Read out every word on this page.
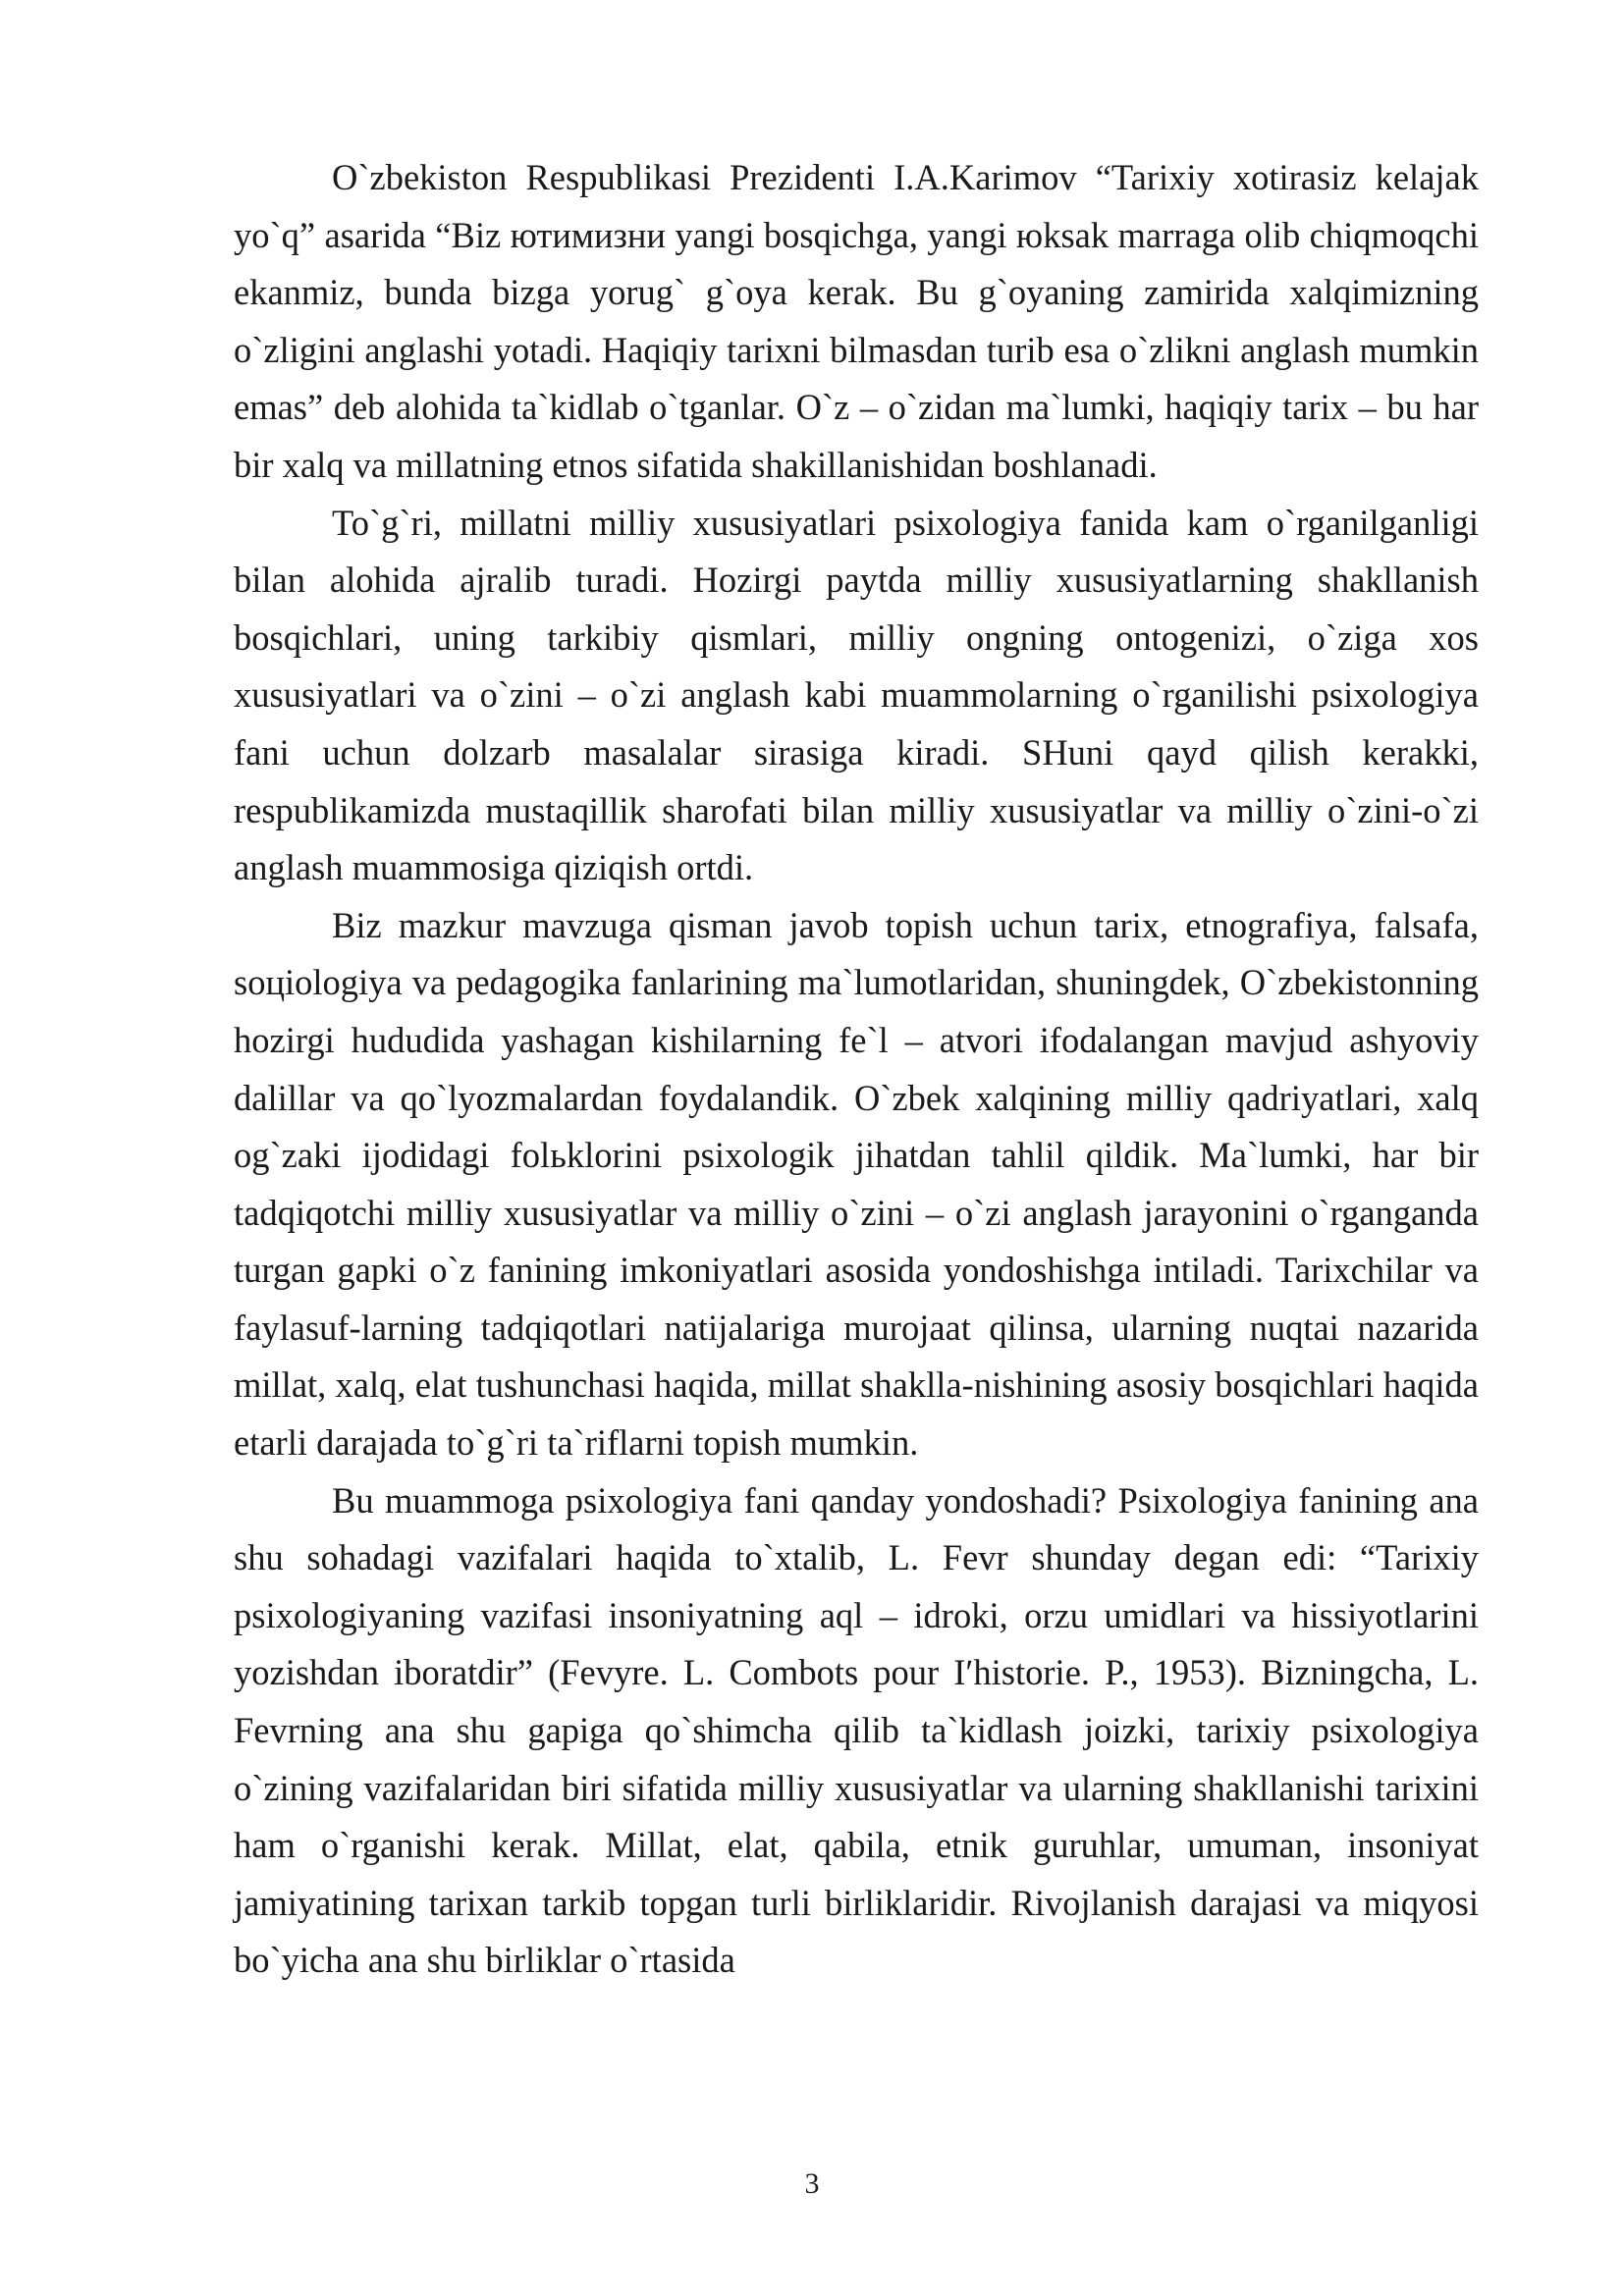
O`zbekiston Respublikasi Prezidenti I.A.Karimov “Tarixiy xotirasiz kelajak yo`q” asarida “Biz ют​имизни yangi bosqichga, yangi юksak marraga olib chiqmoqchi ekanmiz, bunda bizga yorug` g`oya kerak. Bu g`oyaning zamirida xalqimizning o`zligini anglashi yotadi. Haqiqiy tarixni bilmasdan turib esa o`zlikni anglash mumkin emas” deb alohida ta`kidlab o`tganlar. O`z – o`zidan ma`lumki, haqiqiy tarix – bu har bir xalq va millatning etnos sifatida shakillanishidan boshlanadi.

To`g`ri, millatni milliy xususiyatlari psixologiya fanida kam o`rganilganligi bilan alohida ajralib turadi. Hozirgi paytda milliy xususiyatlarning shakllanish bosqichlari, uning tarkibiy qismlari, milliy ongning ontogenizi, o`ziga xos xususiyatlari va o`zini – o`zi anglash kabi muammolarning o`rganilishi psixologiya fani uchun dolzarb masalalar sirasiga kiradi. SHuni qayd qilish kerakki, respublikamizda mustaqillik sharofati bilan milliy xususiyatlar va milliy o`zini-o`zi anglash muammosiga qiziqish ortdi.

Biz mazkur mavzuga qisman javob topish uchun tarix, etnografiya, falsafa, soцiologiya va pedagogika fanlarining ma`lumotlaridan, shuningdek, O`zbekistonning hozirgi hududida yashagan kishilarning fe`l – atvori ifodalangan mavjud ashyoviy dalillar va qo`lyozmalardan foydalandik. O`zbek xalqining milliy qadriyatlari, xalq og`zaki ijodidagi folьklorini psixologik jihatdan tahlil qildik. Ma`lumki, har bir tadqiqotchi milliy xususiyatlar va milliy o`zini – o`zi anglash jarayonini o`rganganda turgan gapki o`z fanining imkoniyatlari asosida yondoshishga intiladi. Tarixchilar va faylasuf-larning tadqiqotlari natijalariga murojaat qilinsa, ularning nuqtai nazarida millat, xalq, elat tushunchasi haqida, millat shaklla-nishining asosiy bosqichlari haqida etarli darajada to`g`ri ta`riflarni topish mumkin.

Bu muammoga psixologiya fani qanday yondoshadi? Psixologiya fanining ana shu sohadagi vazifalari haqida to`xtalib, L. Fevr shunday degan edi: “Tarixiy psixologiyaning vazifasi insoniyatning aql – idroki, orzu umidlari va hissiyotlarini yozishdan iboratdir” (Fevyre. L. Combots pour Iʹhistorie. P., 1953). Bizningcha, L. Fevrning ana shu gapiga qo`shimcha qilib ta`kidlash joizki, tarixiy psixologiya o`zining vazifalaridan biri sifatida milliy xususiyatlar va ularning shakllanishi tarixini ham o`rganishi kerak. Millat, elat, qabila, etnik guruhlar, umuman, insoniyat jamiyatining tarixan tarkib topgan turli birliklaridir. Rivojlanish darajasi va miqyosi bo`yicha ana shu birliklar o`rtasida

3
